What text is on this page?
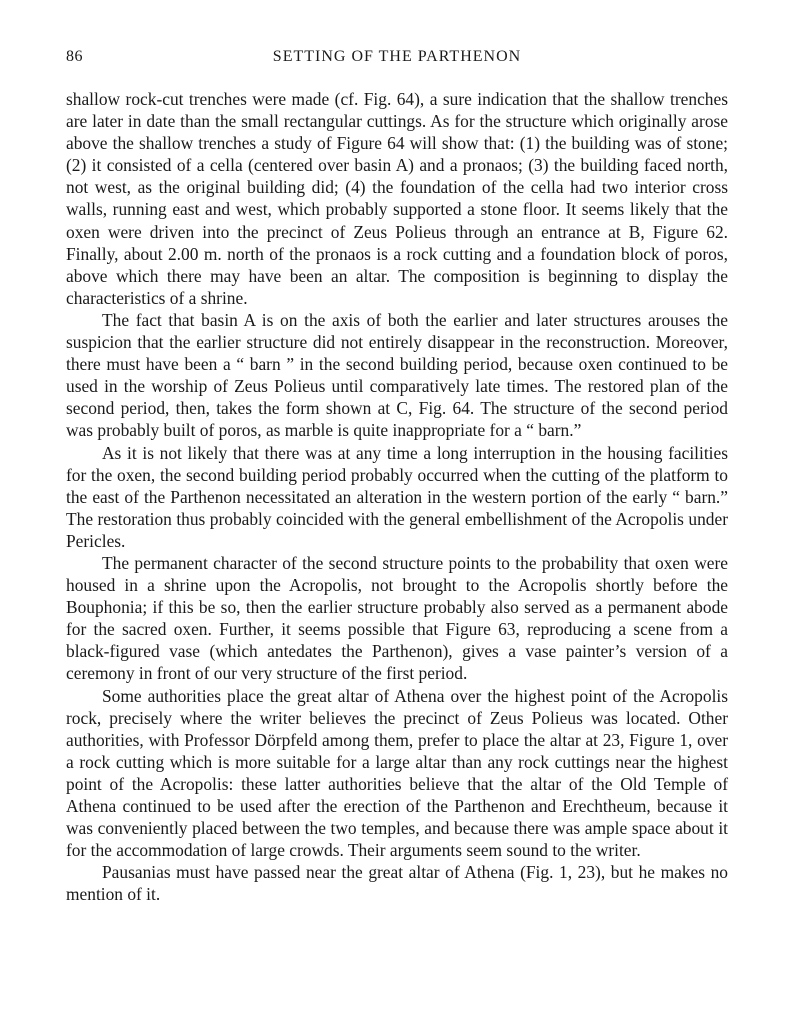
86	SETTING OF THE PARTHENON

shallow rock-cut trenches were made (cf. Fig. 64), a sure indication that the shallow trenches are later in date than the small rectangular cuttings. As for the structure which originally arose above the shallow trenches a study of Figure 64 will show that: (1) the building was of stone; (2) it consisted of a cella (centered over basin A) and a pronaos; (3) the building faced north, not west, as the original building did; (4) the foundation of the cella had two interior cross walls, running east and west, which probably supported a stone floor. It seems likely that the oxen were driven into the precinct of Zeus Polieus through an entrance at B, Figure 62. Finally, about 2.00 m. north of the pronaos is a rock cutting and a foundation block of poros, above which there may have been an altar. The composition is beginning to display the characteristics of a shrine.

The fact that basin A is on the axis of both the earlier and later structures arouses the suspicion that the earlier structure did not entirely disappear in the reconstruction. Moreover, there must have been a “ barn ” in the second building period, because oxen continued to be used in the worship of Zeus Polieus until comparatively late times. The restored plan of the second period, then, takes the form shown at C, Fig. 64. The structure of the second period was probably built of poros, as marble is quite inappropriate for a “ barn.”

As it is not likely that there was at any time a long interruption in the housing facilities for the oxen, the second building period probably occurred when the cutting of the platform to the east of the Parthenon necessitated an alteration in the western portion of the early “ barn.” The restoration thus probably coincided with the general embellishment of the Acropolis under Pericles.

The permanent character of the second structure points to the probability that oxen were housed in a shrine upon the Acropolis, not brought to the Acropolis shortly before the Bouphonia; if this be so, then the earlier structure probably also served as a permanent abode for the sacred oxen. Further, it seems possible that Figure 63, reproducing a scene from a black-figured vase (which antedates the Parthenon), gives a vase painter’s version of a ceremony in front of our very structure of the first period.

Some authorities place the great altar of Athena over the highest point of the Acropolis rock, precisely where the writer believes the precinct of Zeus Polieus was located. Other authorities, with Professor Dörpfeld among them, prefer to place the altar at 23, Figure 1, over a rock cutting which is more suitable for a large altar than any rock cuttings near the highest point of the Acropolis: these latter authorities believe that the altar of the Old Temple of Athena continued to be used after the erection of the Parthenon and Erechtheum, because it was conveniently placed between the two temples, and because there was ample space about it for the accommodation of large crowds. Their arguments seem sound to the writer.

Pausanias must have passed near the great altar of Athena (Fig. 1, 23), but he makes no mention of it.
